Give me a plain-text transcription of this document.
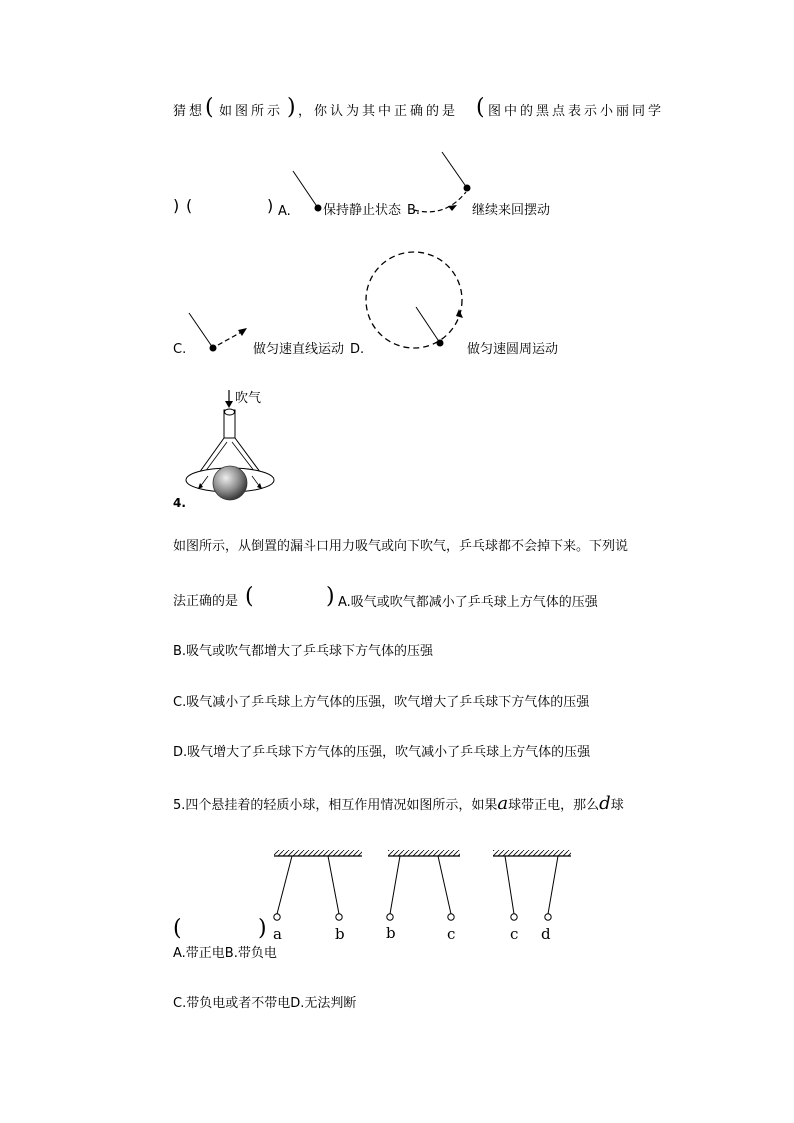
猜想 ( 如图所示 ) ，你认为其中正确的是 ( 图中的黑点表示小丽同学
) (	) A. 保持静止状态 B.	继续来回摆动
C.	做匀速直线运动 D.	做匀速圆周运动
吹气
4.
如图所示，从倒置的漏斗口用力吸气或向下吹气，乒乓球都不会掉下来。下列说
法正确的是 (	) A.吸气或吹气都减小了乒乓球上方气体的压强
B.吸气或吹气都增大了乒乓球下方气体的压强
C.吸气减小了乒乓球上方气体的压强，吹气增大了乒乓球下方气体的压强
D.吸气增大了乒乓球下方气体的压强，吹气减小了乒乓球上方气体的压强
5.四个悬挂着的轻质小球，相互作用情况如图所示，如果a球带正电，那么d球
a	b	b	c	c d
(	)
A.带正电B.带负电
C.带负电或者不带电D.无法判断
